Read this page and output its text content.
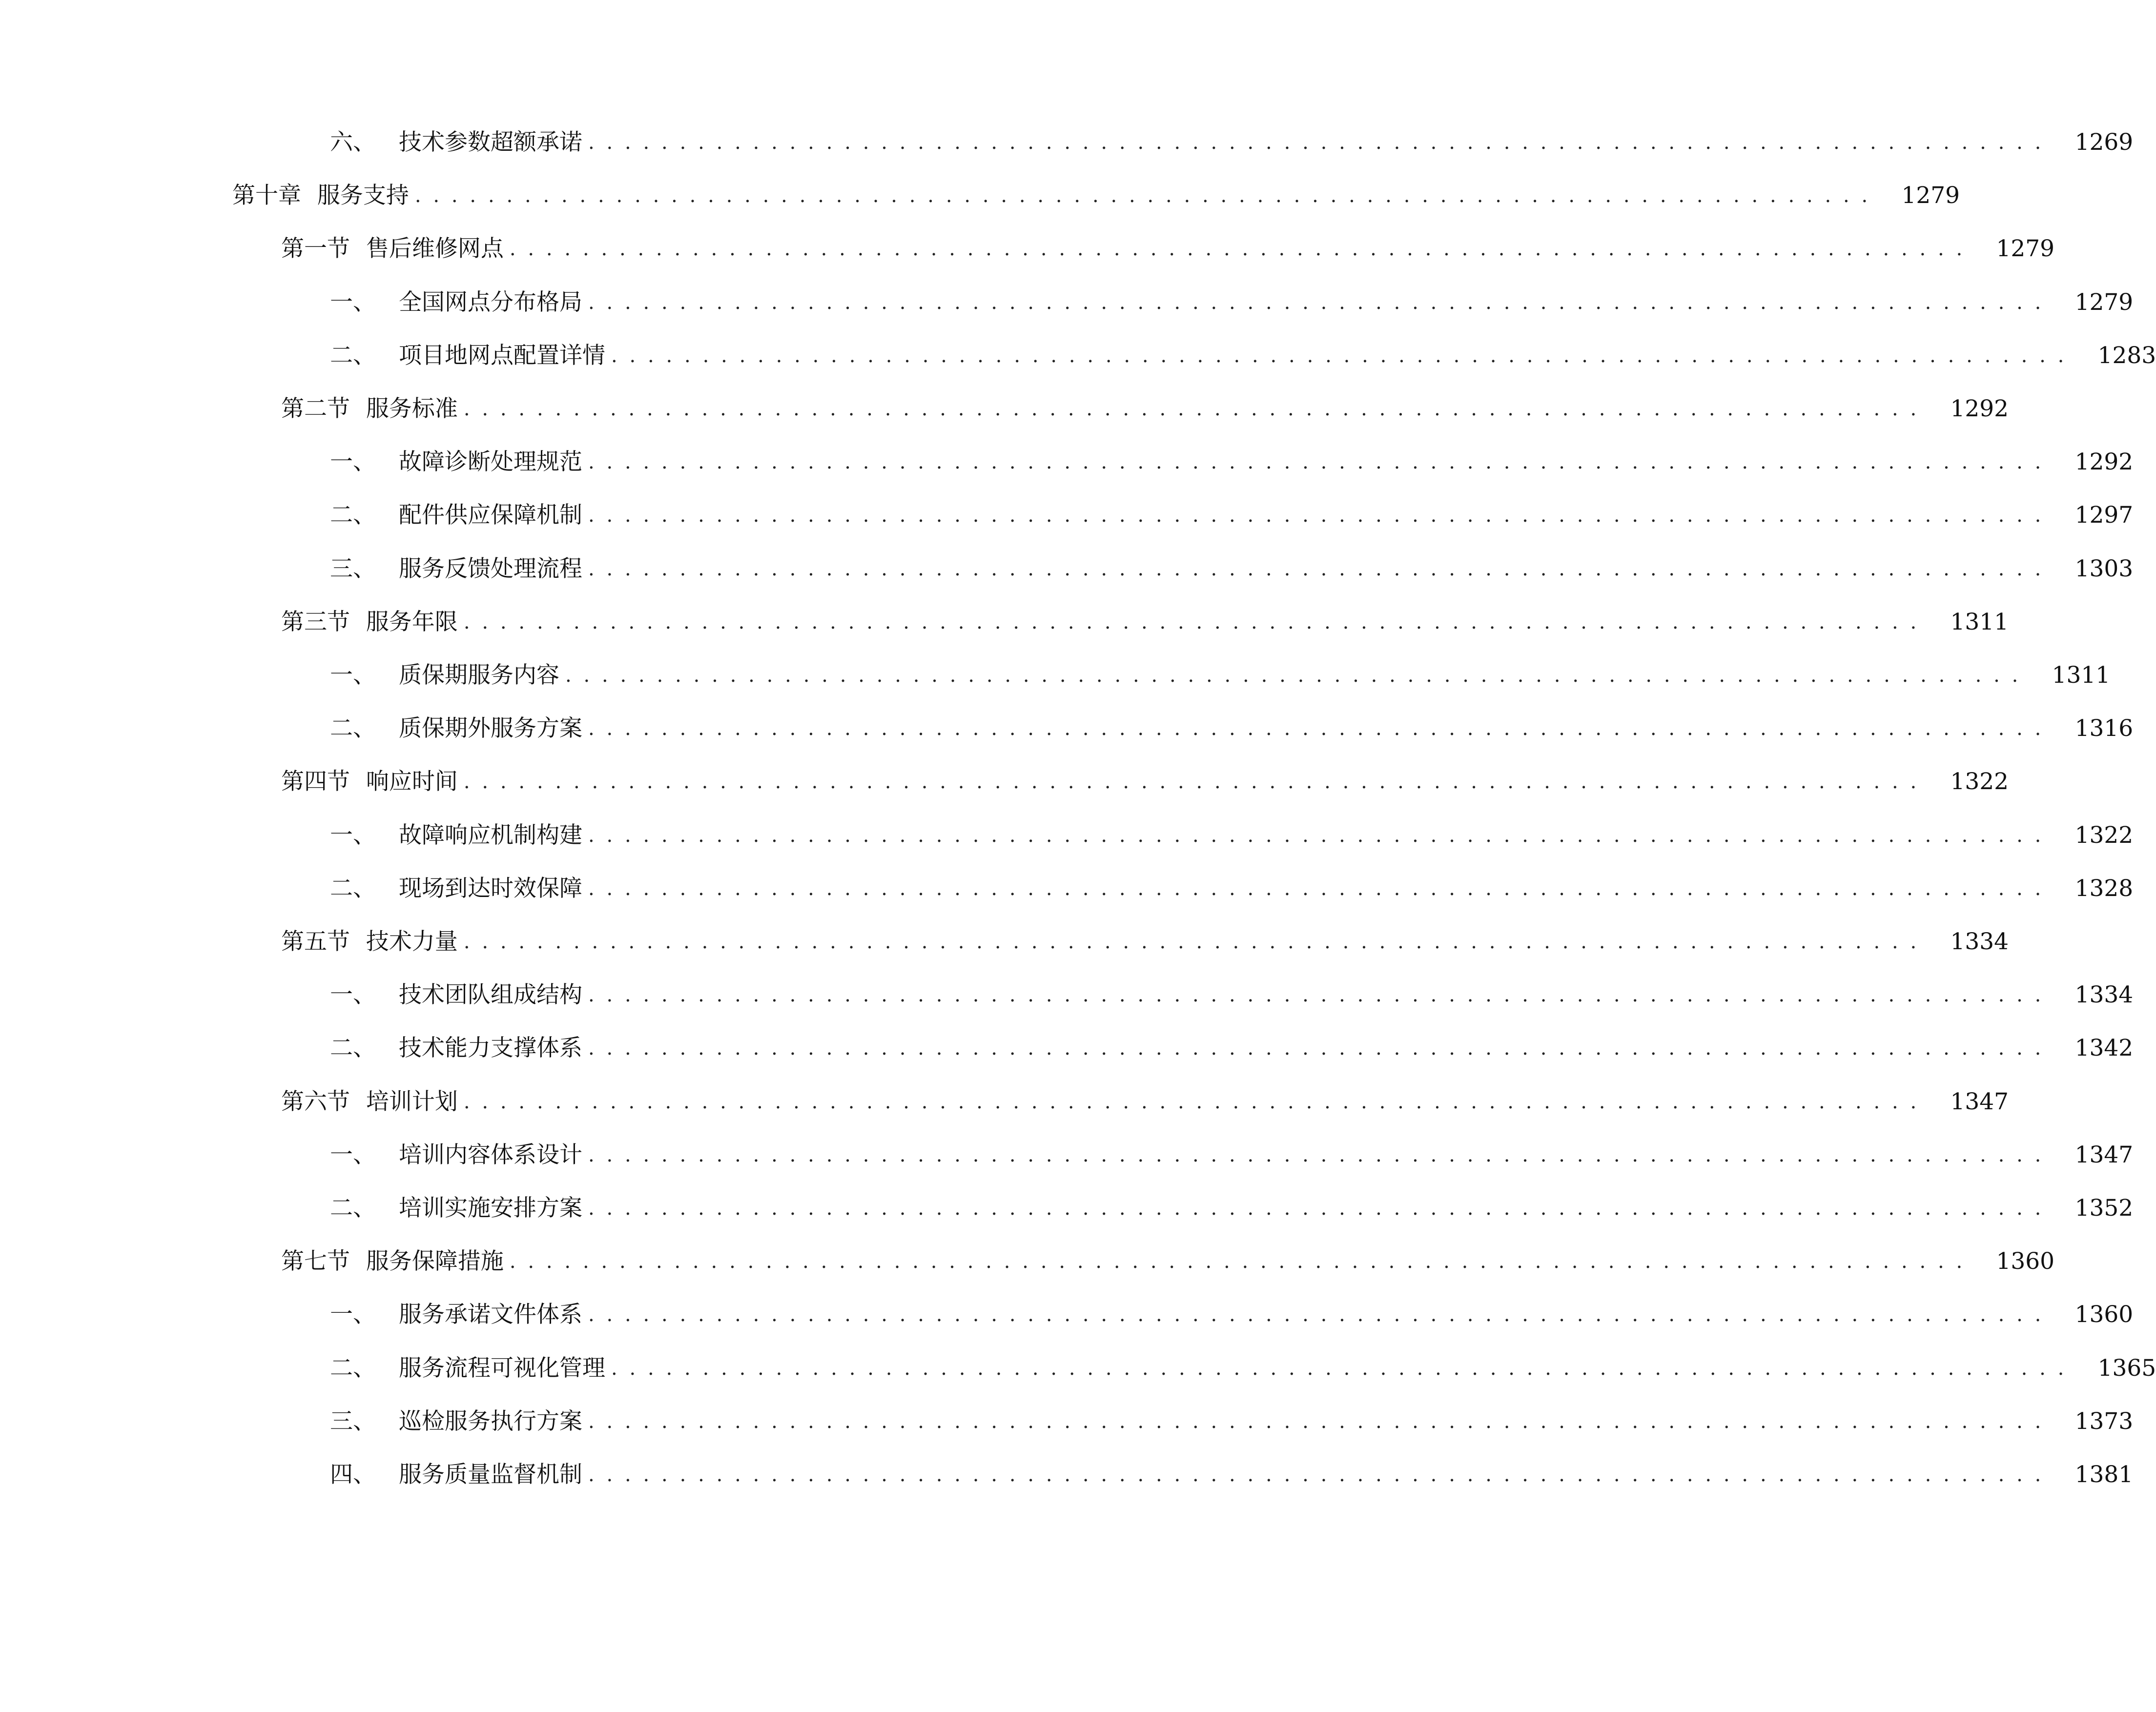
六、 技术参数超额承诺 ................................................................................ 1269
第十章 服务支持 ................................................................................ 1279
第一节 售后维修网点 ................................................................................ 1279
一、 全国网点分布格局 ................................................................................ 1279
二、 项目地网点配置详情 ................................................................................ 1283
第二节 服务标准 ................................................................................ 1292
一、 故障诊断处理规范 ................................................................................ 1292
二、 配件供应保障机制 ................................................................................ 1297
三、 服务反馈处理流程 ................................................................................ 1303
第三节 服务年限 ................................................................................ 1311
一、 质保期服务内容 ................................................................................ 1311
二、 质保期外服务方案 ................................................................................ 1316
第四节 响应时间 ................................................................................ 1322
一、 故障响应机制构建 ................................................................................ 1322
二、 现场到达时效保障 ................................................................................ 1328
第五节 技术力量 ................................................................................ 1334
一、 技术团队组成结构 ................................................................................ 1334
二、 技术能力支撑体系 ................................................................................ 1342
第六节 培训计划 ................................................................................ 1347
一、 培训内容体系设计 ................................................................................ 1347
二、 培训实施安排方案 ................................................................................ 1352
第七节 服务保障措施 ................................................................................ 1360
一、 服务承诺文件体系 ................................................................................ 1360
二、 服务流程可视化管理 ................................................................................ 1365
三、 巡检服务执行方案 ................................................................................ 1373
四、 服务质量监督机制 ................................................................................ 1381
